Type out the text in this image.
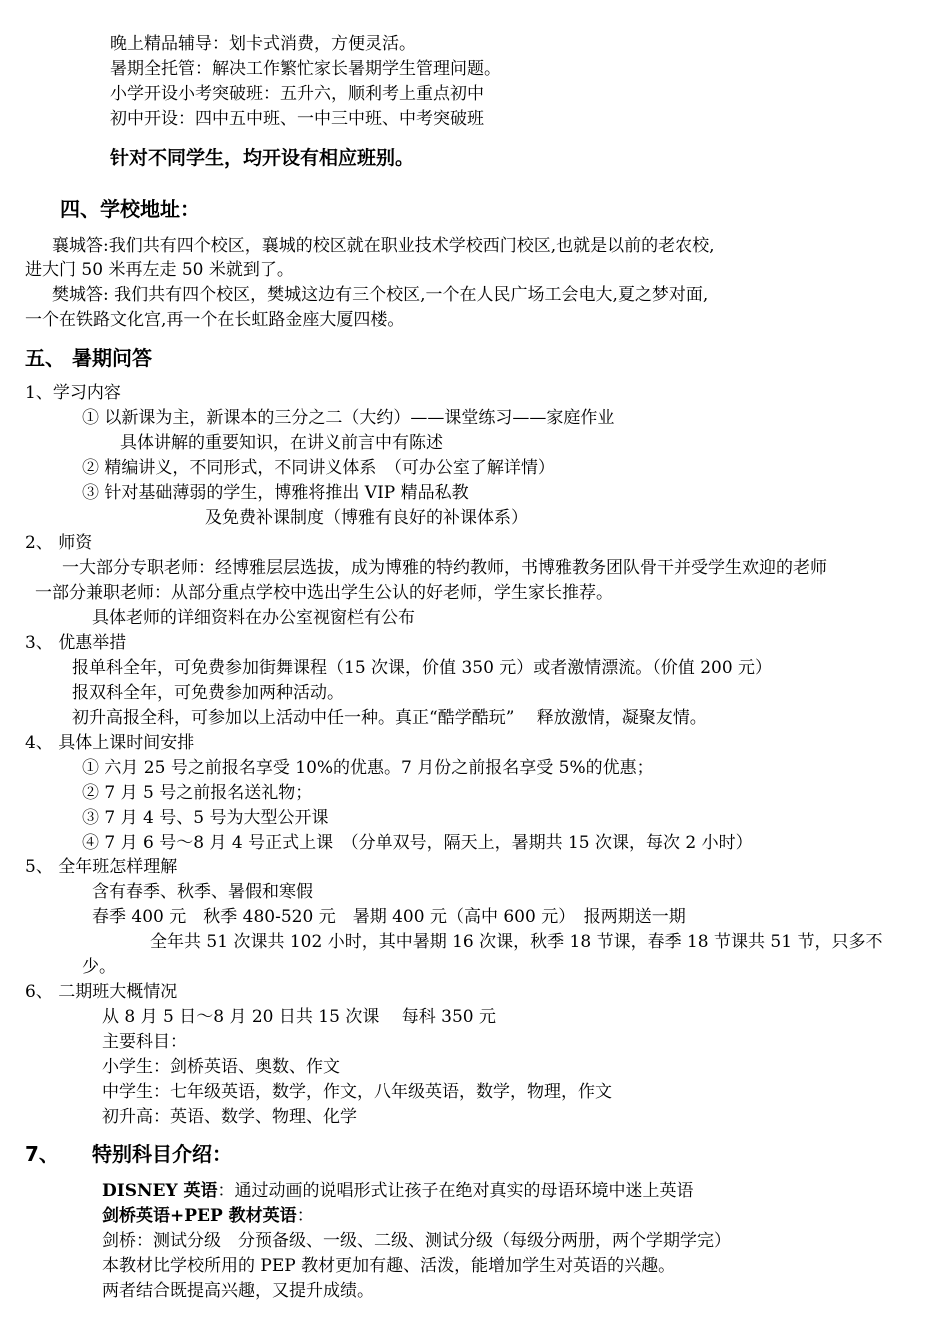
晚上精品辅导：划卡式消费，方便灵活。
暑期全托管：解决工作繁忙家长暑期学生管理问题。
小学开设小考突破班：五升六，顺利考上重点初中
初中开设：四中五中班、一中三中班、中考突破班
针对不同学生，均开设有相应班别。
四、学校地址：
襄城答:我们共有四个校区，襄城的校区就在职业技术学校西门校区,也就是以前的老农校,
进大门 50 米再左走 50 米就到了。
樊城答: 我们共有四个校区，樊城这边有三个校区,一个在人民广场工会电大,夏之梦对面,
一个在铁路文化宫,再一个在长虹路金座大厦四楼。
五、 暑期问答
1、学习内容
① 以新课为主，新课本的三分之二（大约）——课堂练习——家庭作业
具体讲解的重要知识，在讲义前言中有陈述
② 精编讲义，不同形式，不同讲义体系　（可办公室了解详情）
③ 针对基础薄弱的学生，博雅将推出 VIP 精品私教
及免费补课制度（博雅有良好的补课体系）
2、 师资
一大部分专职老师：经博雅层层选拔，成为博雅的特约教师，书博雅教务团队骨干并受学生欢迎的老师
一部分兼职老师：从部分重点学校中选出学生公认的好老师，学生家长推荐。
具体老师的详细资料在办公室视窗栏有公布
3、 优惠举措
报单科全年，可免费参加街舞课程（15 次课，价值 350 元）或者激情漂流。（价值 200 元）
报双科全年，可免费参加两种活动。
初升高报全科，可参加以上活动中任一种。真正“酷学酷玩”　 释放激情，凝聚友情。
4、 具体上课时间安排
① 六月 25 号之前报名享受 10%的优惠。7 月份之前报名享受 5%的优惠；
② 7 月 5 号之前报名送礼物；
③ 7 月 4 号、5 号为大型公开课
④ 7 月 6 号～8 月 4 号正式上课　（分单双号，隔天上，暑期共 15 次课，每次 2 小时）
5、 全年班怎样理解
含有春季、秋季、暑假和寒假
春季 400 元　秋季 480-520 元　暑期 400 元（高中 600 元）　报两期送一期
全年共 51 次课共 102 小时，其中暑期 16 次课，秋季 18 节课，春季 18 节课共 51 节，只多不
少。
6、 二期班大概情况
从 8 月 5 日～8 月 20 日共 15 次课　 每科 350 元
主要科目：
小学生：剑桥英语、奥数、作文
中学生：七年级英语，数学，作文，八年级英语，数学，物理，作文
初升高：英语、数学、物理、化学
7、 特别科目介绍：
DISNEY 英语：通过动画的说唱形式让孩子在绝对真实的母语环境中迷上英语
剑桥英语+PEP 教材英语：
剑桥：测试分级　分预备级、一级、二级、测试分级（每级分两册，两个学期学完）
本教材比学校所用的 PEP 教材更加有趣、活泼，能增加学生对英语的兴趣。
两者结合既提高兴趣，又提升成绩。
